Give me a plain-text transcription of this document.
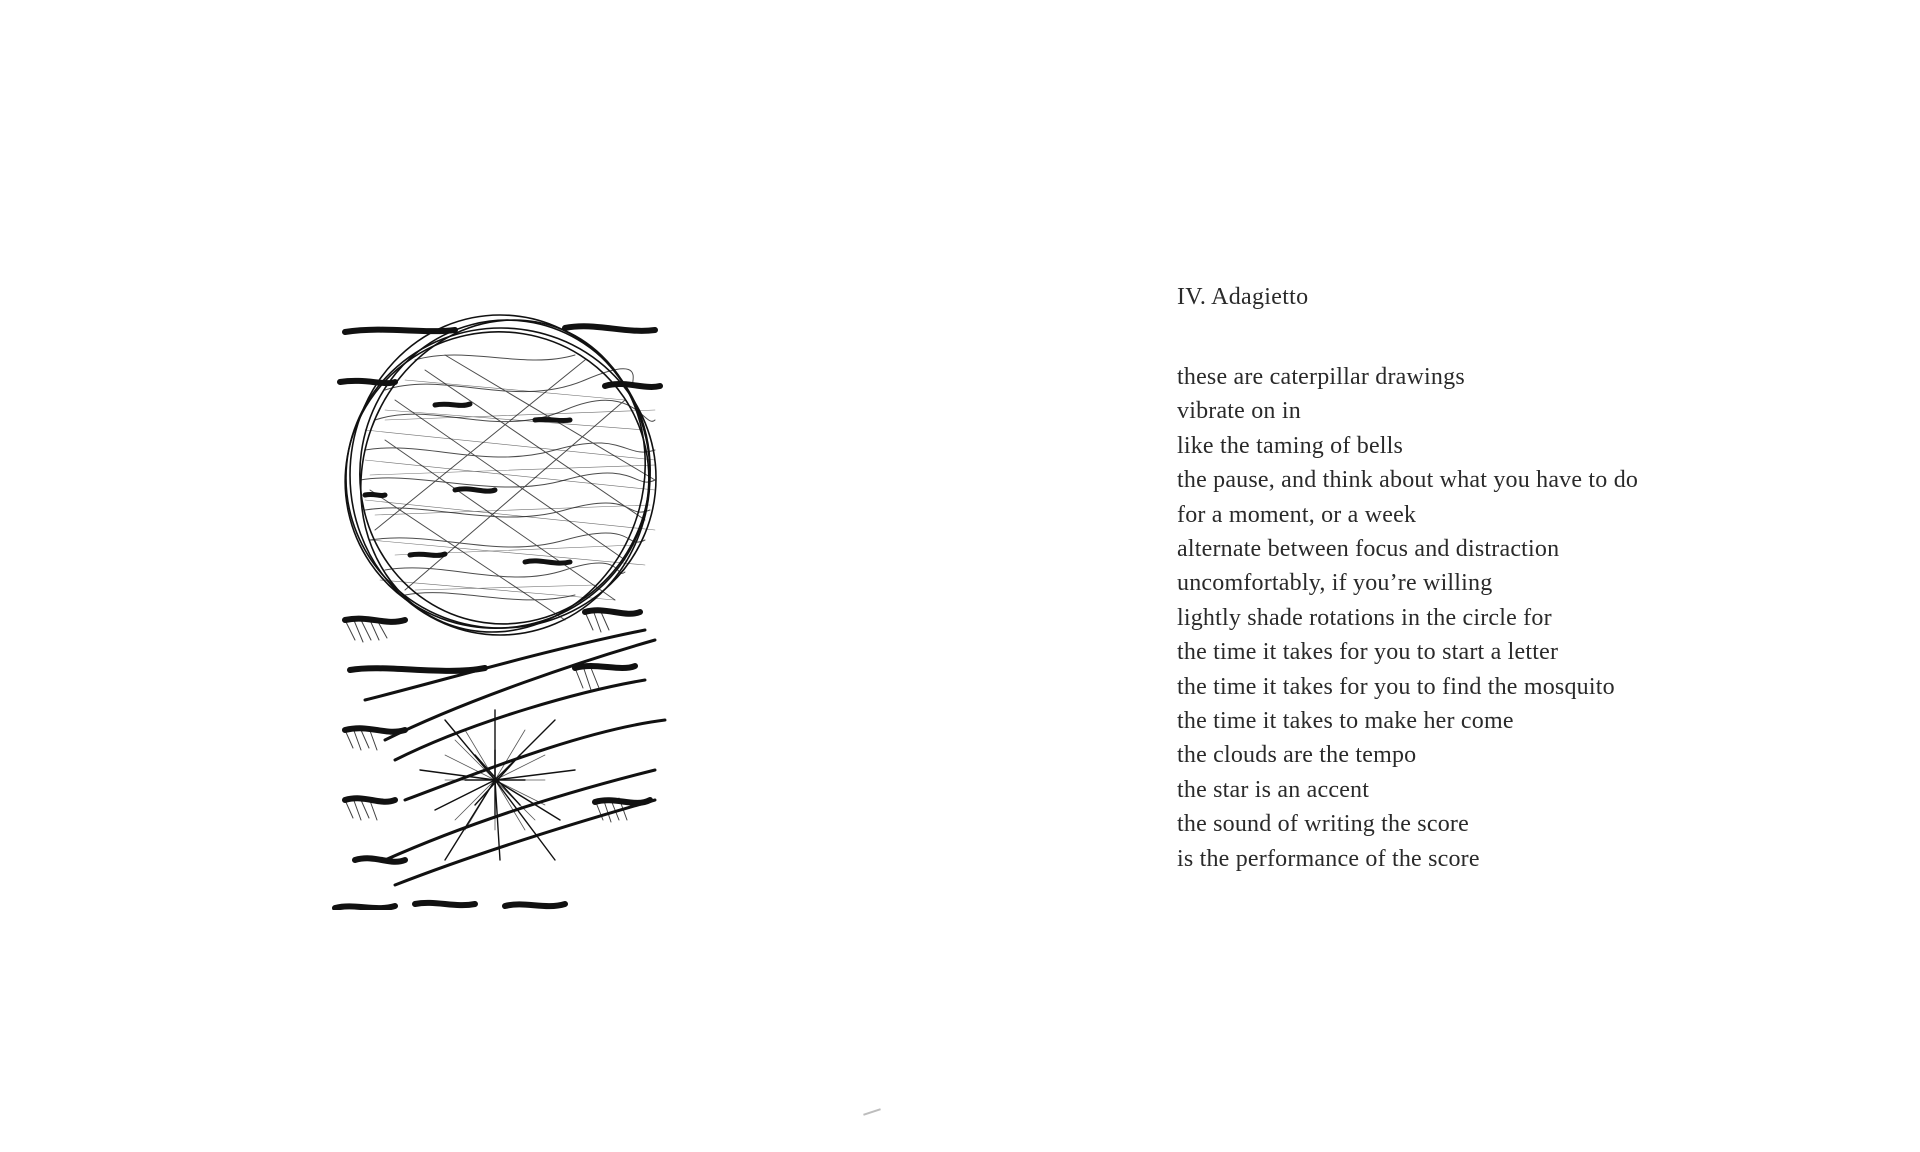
IV. Adagietto
these are caterpillar drawings
vibrate on in
like the taming of bells
the pause, and think about what you have to do
for a moment, or a week
alternate between focus and distraction
uncomfortably, if you’re willing
lightly shade rotations in the circle for
the time it takes for you to start a letter
the time it takes for you to find the mosquito
the time it takes to make her come
the clouds are the tempo
the star is an accent
the sound of writing the score
is the performance of the score
